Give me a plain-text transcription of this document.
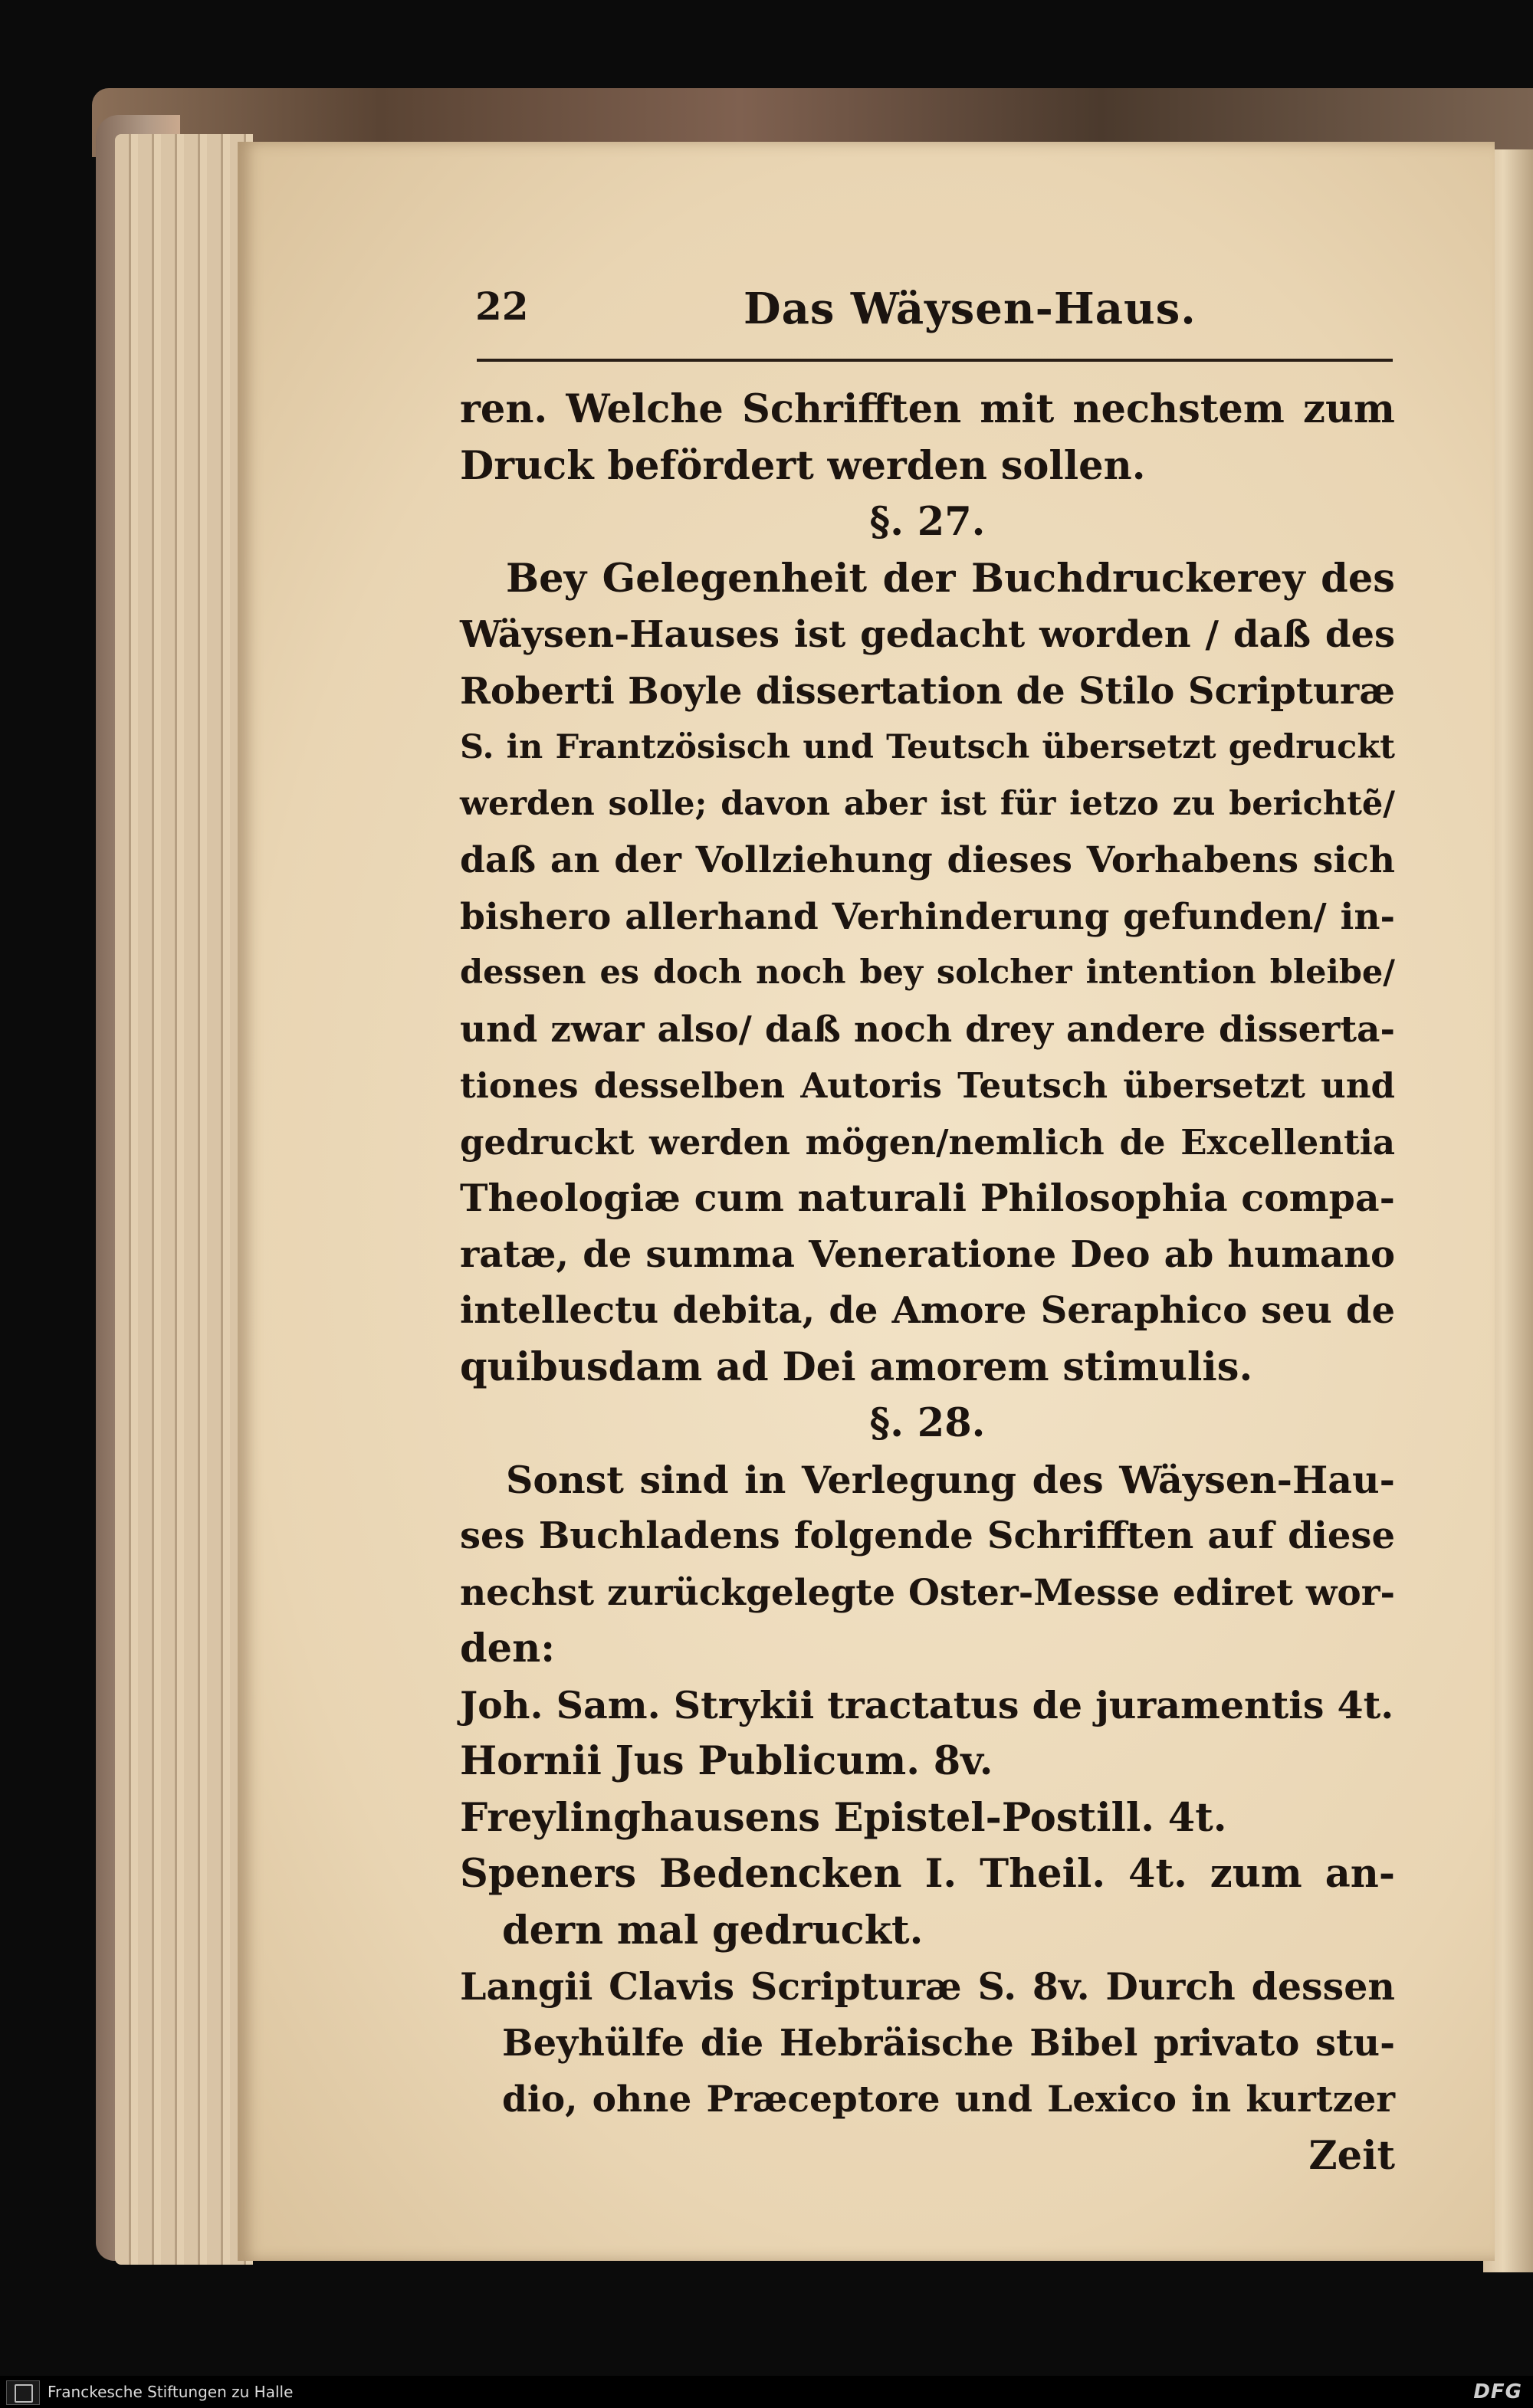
22	Das Wäysen-Haus.
ren. Welche Schrifften mit nechstem zum
Druck befördert werden sollen.
§. 27.
Bey Gelegenheit der Buchdruckerey des
Wäysen-Hauses ist gedacht worden / daß des
Roberti Boyle dissertation de Stilo Scripturæ
S. in Frantzösisch und Teutsch übersetzt gedruckt
werden solle; davon aber ist für ietzo zu berichtẽ/
daß an der Vollziehung dieses Vorhabens sich
bishero allerhand Verhinderung gefunden/ in-
dessen es doch noch bey solcher intention bleibe/
und zwar also/ daß noch drey andere disserta-
tiones desselben Autoris Teutsch übersetzt und
gedruckt werden mögen/nemlich de Excellentia
Theologiæ cum naturali Philosophia compa-
ratæ, de summa Veneratione Deo ab humano
intellectu debita, de Amore Seraphico seu de
quibusdam ad Dei amorem stimulis.
§. 28.
Sonst sind in Verlegung des Wäysen-Hau-
ses Buchladens folgende Schrifften auf diese
nechst zurückgelegte Oster-Messe ediret wor-
den:
Joh. Sam. Strykii tractatus de juramentis 4t.
Hornii Jus Publicum. 8v.
Freylinghausens Epistel-Postill. 4t.
Speners Bedencken I. Theil. 4t. zum an-
dern mal gedruckt.
Langii Clavis Scripturæ S. 8v. Durch dessen
Beyhülfe die Hebräische Bibel privato stu-
dio, ohne Præceptore und Lexico in kurtzer
Zeit
Franckesche Stiftungen zu Halle	DFG
